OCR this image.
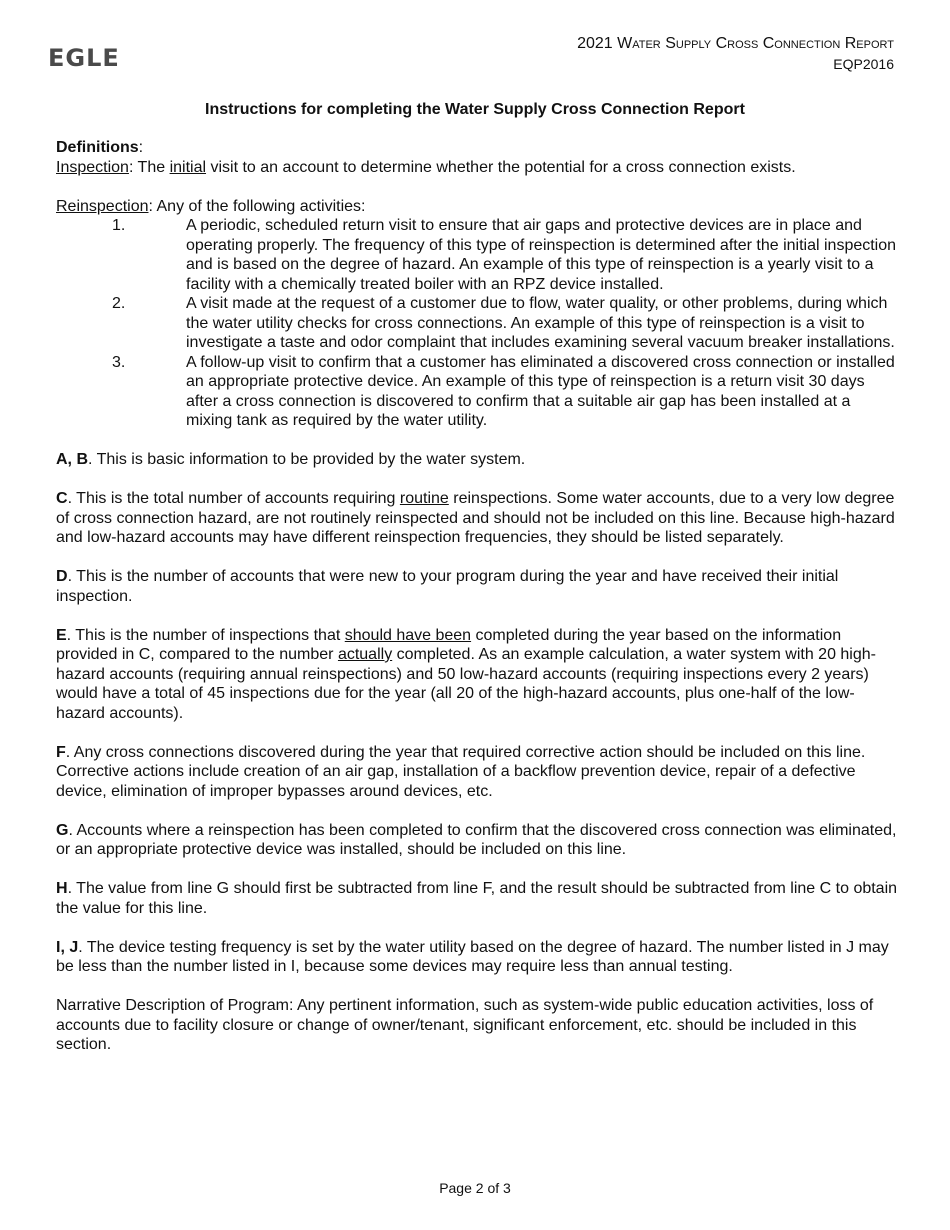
EGLE
2021 Water Supply Cross Connection Report
EQP2016
Instructions for completing the Water Supply Cross Connection Report

Definitions:

Inspection: The initial visit to an account to determine whether the potential for a cross connection exists.

Reinspection: Any of the following activities:

1.	A periodic, scheduled return visit to ensure that air gaps and protective devices are in place and operating properly. The frequency of this type of reinspection is determined after the initial inspection and is based on the degree of hazard. An example of this type of reinspection is a yearly visit to a facility with a chemically treated boiler with an RPZ device installed.
2.	A visit made at the request of a customer due to flow, water quality, or other problems, during which the water utility checks for cross connections. An example of this type of reinspection is a visit to investigate a taste and odor complaint that includes examining several vacuum breaker installations.
3.	A follow-up visit to confirm that a customer has eliminated a discovered cross connection or installed an appropriate protective device. An example of this type of reinspection is a return visit 30 days after a cross connection is discovered to confirm that a suitable air gap has been installed at a mixing tank as required by the water utility.

A, B. This is basic information to be provided by the water system.

C. This is the total number of accounts requiring routine reinspections. Some water accounts, due to a very low degree of cross connection hazard, are not routinely reinspected and should not be included on this line. Because high-hazard and low-hazard accounts may have different reinspection frequencies, they should be listed separately.

D. This is the number of accounts that were new to your program during the year and have received their initial inspection.

E. This is the number of inspections that should have been completed during the year based on the information provided in C, compared to the number actually completed. As an example calculation, a water system with 20 high-hazard accounts (requiring annual reinspections) and 50 low-hazard accounts (requiring inspections every 2 years) would have a total of 45 inspections due for the year (all 20 of the high-hazard accounts, plus one-half of the low-hazard accounts).

F. Any cross connections discovered during the year that required corrective action should be included on this line. Corrective actions include creation of an air gap, installation of a backflow prevention device, repair of a defective device, elimination of improper bypasses around devices, etc.

G. Accounts where a reinspection has been completed to confirm that the discovered cross connection was eliminated, or an appropriate protective device was installed, should be included on this line.

H. The value from line G should first be subtracted from line F, and the result should be subtracted from line C to obtain the value for this line.

I, J. The device testing frequency is set by the water utility based on the degree of hazard. The number listed in J may be less than the number listed in I, because some devices may require less than annual testing.

Narrative Description of Program: Any pertinent information, such as system-wide public education activities, loss of accounts due to facility closure or change of owner/tenant, significant enforcement, etc. should be included in this section.

Page 2 of 3
